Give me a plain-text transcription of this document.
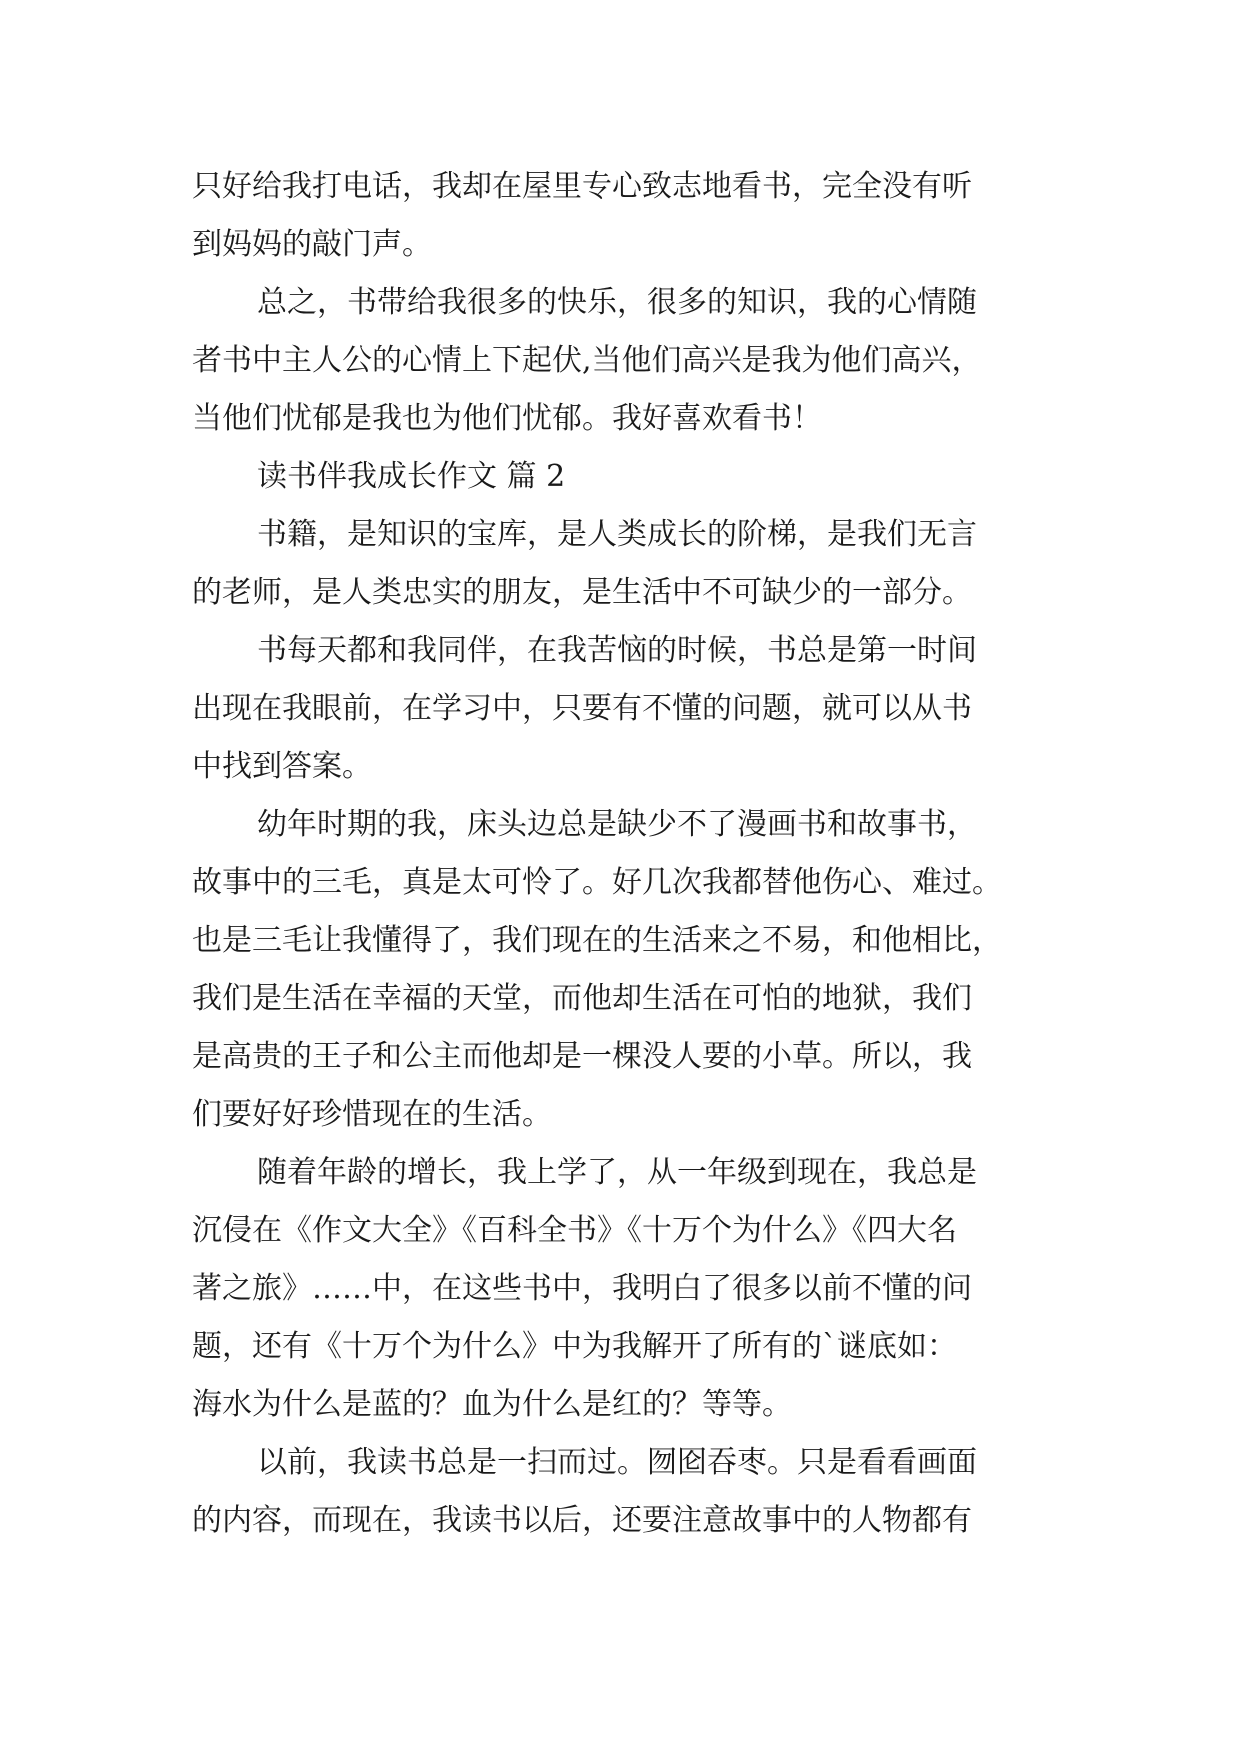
只好给我打电话，我却在屋里专心致志地看书，完全没有听
到妈妈的敲门声。
总之，书带给我很多的快乐，很多的知识，我的心情随
者书中主人公的心情上下起伏,当他们高兴是我为他们高兴，
当他们忧郁是我也为他们忧郁。我好喜欢看书！
读书伴我成长作文 篇 2
书籍，是知识的宝库，是人类成长的阶梯，是我们无言
的老师，是人类忠实的朋友，是生活中不可缺少的一部分。
书每天都和我同伴，在我苦恼的时候，书总是第一时间
出现在我眼前，在学习中，只要有不懂的问题，就可以从书
中找到答案。
幼年时期的我，床头边总是缺少不了漫画书和故事书，
故事中的三毛，真是太可怜了。好几次我都替他伤心、难过。
也是三毛让我懂得了，我们现在的生活来之不易，和他相比，
我们是生活在幸福的天堂，而他却生活在可怕的地狱，我们
是高贵的王子和公主而他却是一棵没人要的小草。所以，我
们要好好珍惜现在的生活。
随着年龄的增长，我上学了，从一年级到现在，我总是
沉侵在《作文大全》《百科全书》《十万个为什么》《四大名
著之旅》……中，在这些书中，我明白了很多以前不懂的问
题，还有《十万个为什么》中为我解开了所有的`谜底如：
海水为什么是蓝的？血为什么是红的？等等。
以前，我读书总是一扫而过。囫囵吞枣。只是看看画面
的内容，而现在，我读书以后，还要注意故事中的人物都有
